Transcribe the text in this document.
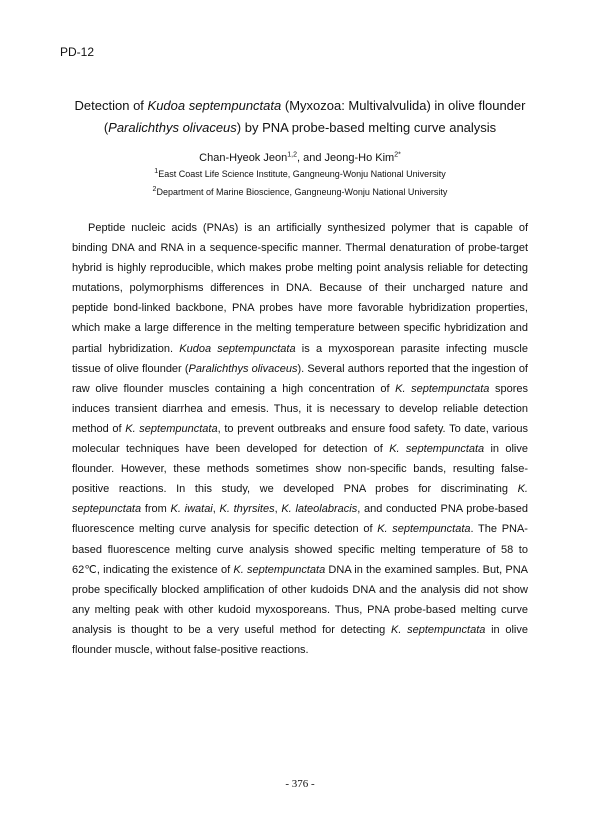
PD-12
Detection of Kudoa septempunctata (Myxozoa: Multivalvulida) in olive flounder
(Paralichthys olivaceus) by PNA probe-based melting curve analysis
Chan-Hyeok Jeon$^{1,2}$, and Jeong-Ho Kim$^{2*}$
$^1$East Coast Life Science Institute, Gangneung-Wonju National University
$^2$Department of Marine Bioscience, Gangneung-Wonju National University

Peptide nucleic acids (PNAs) is an artificially synthesized polymer that is capable of binding DNA and RNA in a sequence-specific manner. Thermal denaturation of probe-target hybrid is highly reproducible, which makes probe melting point analysis reliable for detecting mutations, polymorphisms differences in DNA. Because of their uncharged nature and peptide bond-linked backbone, PNA probes have more favorable hybridization properties, which make a large difference in the melting temperature between specific hybridization and partial hybridization. Kudoa septempunctata is a myxosporean parasite infecting muscle tissue of olive flounder (Paralichthys olivaceus). Several authors reported that the ingestion of raw olive flounder muscles containing a high concentration of K. septempunctata spores induces transient diarrhea and emesis. Thus, it is necessary to develop reliable detection method of K. septempunctata, to prevent outbreaks and ensure food safety. To date, various molecular techniques have been developed for detection of K. septempunctata in olive flounder. However, these methods sometimes show non-specific bands, resulting false-positive reactions. In this study, we developed PNA probes for discriminating K. septepunctata from K. iwatai, K. thyrsites, K. lateolabracis, and conducted PNA probe-based fluorescence melting curve analysis for specific detection of K. septempunctata. The PNA-based fluorescence melting curve analysis showed specific melting temperature of 58 to 62℃, indicating the existence of K. septempunctata DNA in the examined samples. But, PNA probe specifically blocked amplification of other kudoids DNA and the analysis did not show any melting peak with other kudoid myxosporeans. Thus, PNA probe-based melting curve analysis is thought to be a very useful method for detecting K. septempunctata in olive flounder muscle, without false-positive reactions.

- 376 -
